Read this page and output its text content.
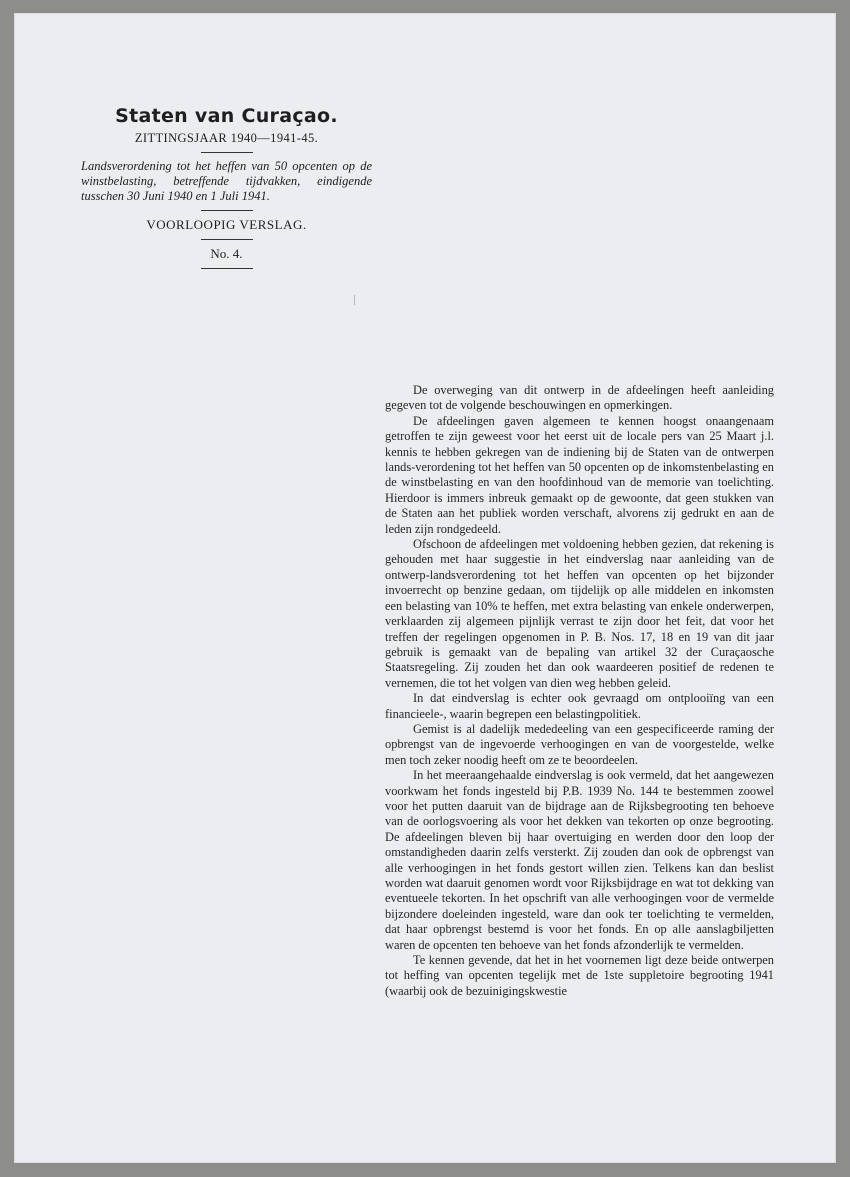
Staten van Curaçao.
ZITTINGSJAAR 1940—1941-45.

Landsverordening tot het heffen van 50 opcenten op de winstbelasting, betreffende tijdvakken, eindigende tusschen 30 Juni 1940 en 1 Juli 1941.

VOORLOOPIG VERSLAG.
No. 4.

De overweging van dit ontwerp in de afdeelingen heeft aanleiding gegeven tot de volgende beschouwingen en opmerkingen.

De afdeelingen gaven algemeen te kennen hoogst onaangenaam getroffen te zijn geweest voor het eerst uit de locale pers van 25 Maart j.l. kennis te hebben gekregen van de indiening bij de Staten van de ontwerpen lands-verordening tot het heffen van 50 opcenten op de inkomstenbelasting en de winstbelasting en van den hoofdinhoud van de memorie van toelichting. Hierdoor is immers inbreuk gemaakt op de gewoonte, dat geen stukken van de Staten aan het publiek worden verschaft, alvorens zij gedrukt en aan de leden zijn rondgedeeld.

Ofschoon de afdeelingen met voldoening hebben gezien, dat rekening is gehouden met haar suggestie in het eindverslag naar aanleiding van de ontwerp-landsverordening tot het heffen van opcenten op het bijzonder invoerrecht op benzine gedaan, om tijdelijk op alle middelen en inkomsten een belasting van 10% te heffen, met extra belasting van enkele onderwerpen, verklaarden zij algemeen pijnlijk verrast te zijn door het feit, dat voor het treffen der regelingen opgenomen in P. B. Nos. 17, 18 en 19 van dit jaar gebruik is gemaakt van de bepaling van artikel 32 der Curaçaosche Staatsregeling. Zij zouden het dan ook waardeeren positief de redenen te vernemen, die tot het volgen van dien weg hebben geleid.

In dat eindverslag is echter ook gevraagd om ontplooiïng van een financieele-, waarin begrepen een belastingpolitiek.

Gemist is al dadelijk mededeeling van een gespecificeerde raming der opbrengst van de ingevoerde verhoogingen en van de voorgestelde, welke men toch zeker noodig heeft om ze te beoordeelen.

In het meeraangehaalde eindverslag is ook vermeld, dat het aangewezen voorkwam het fonds ingesteld bij P.B. 1939 No. 144 te bestemmen zoowel voor het putten daaruit van de bijdrage aan de Rijksbegrooting ten behoeve van de oorlogsvoering als voor het dekken van tekorten op onze begrooting. De afdeelingen bleven bij haar overtuiging en werden door den loop der omstandigheden daarin zelfs versterkt. Zij zouden dan ook de opbrengst van alle verhoogingen in het fonds gestort willen zien. Telkens kan dan beslist worden wat daaruit genomen wordt voor Rijksbijdrage en wat tot dekking van eventueele tekorten. In het opschrift van alle verhoogingen voor de vermelde bijzondere doeleinden ingesteld, ware dan ook ter toelichting te vermelden, dat haar opbrengst bestemd is voor het fonds. En op alle aanslagbiljetten waren de opcenten ten behoeve van het fonds afzonderlijk te vermelden.

Te kennen gevende, dat het in het voornemen ligt deze beide ontwerpen tot heffing van opcenten tegelijk met de 1ste suppletoire begrooting 1941 (waarbij ook de bezuinigingskwestie
